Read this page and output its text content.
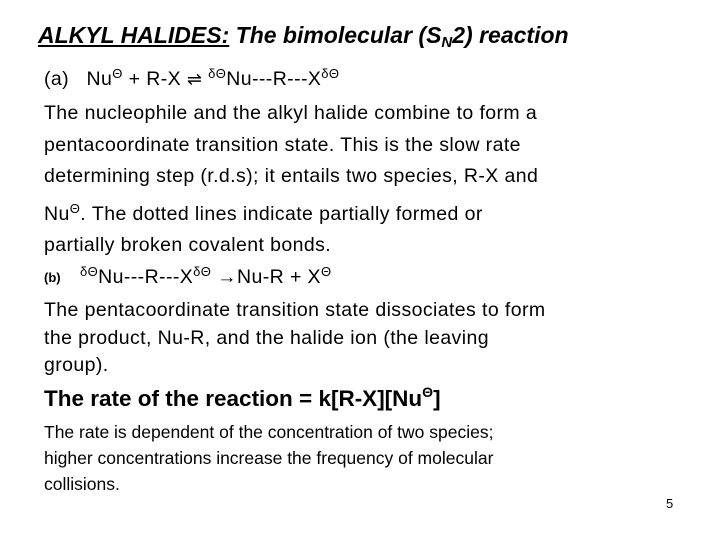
ALKYL HALIDES: The bimolecular $(S_N2)$ reaction
(a) $Nu^\Theta + R-X$ ⇌ $^{\delta\Theta}Nu---R---X^{\delta\Theta}$
The nucleophile and the alkyl halide combine to form a
pentacoordinate transition state. This is the slow rate
determining step (r.d.s); it entails two species, R-X and
$Nu^\Theta$. The dotted lines indicate partially formed or
partially broken covalent bonds.
(b) $^{\delta\Theta}Nu---R---X^{\delta\Theta} \to Nu-R + X^\Theta$
The pentacoordinate transition state dissociates to form
the product, Nu-R, and the halide ion (the leaving
group).
The rate of the reaction = $k[R-X][Nu^\Theta]$
The rate is dependent of the concentration of two species;
higher concentrations increase the frequency of molecular
collisions.
5
